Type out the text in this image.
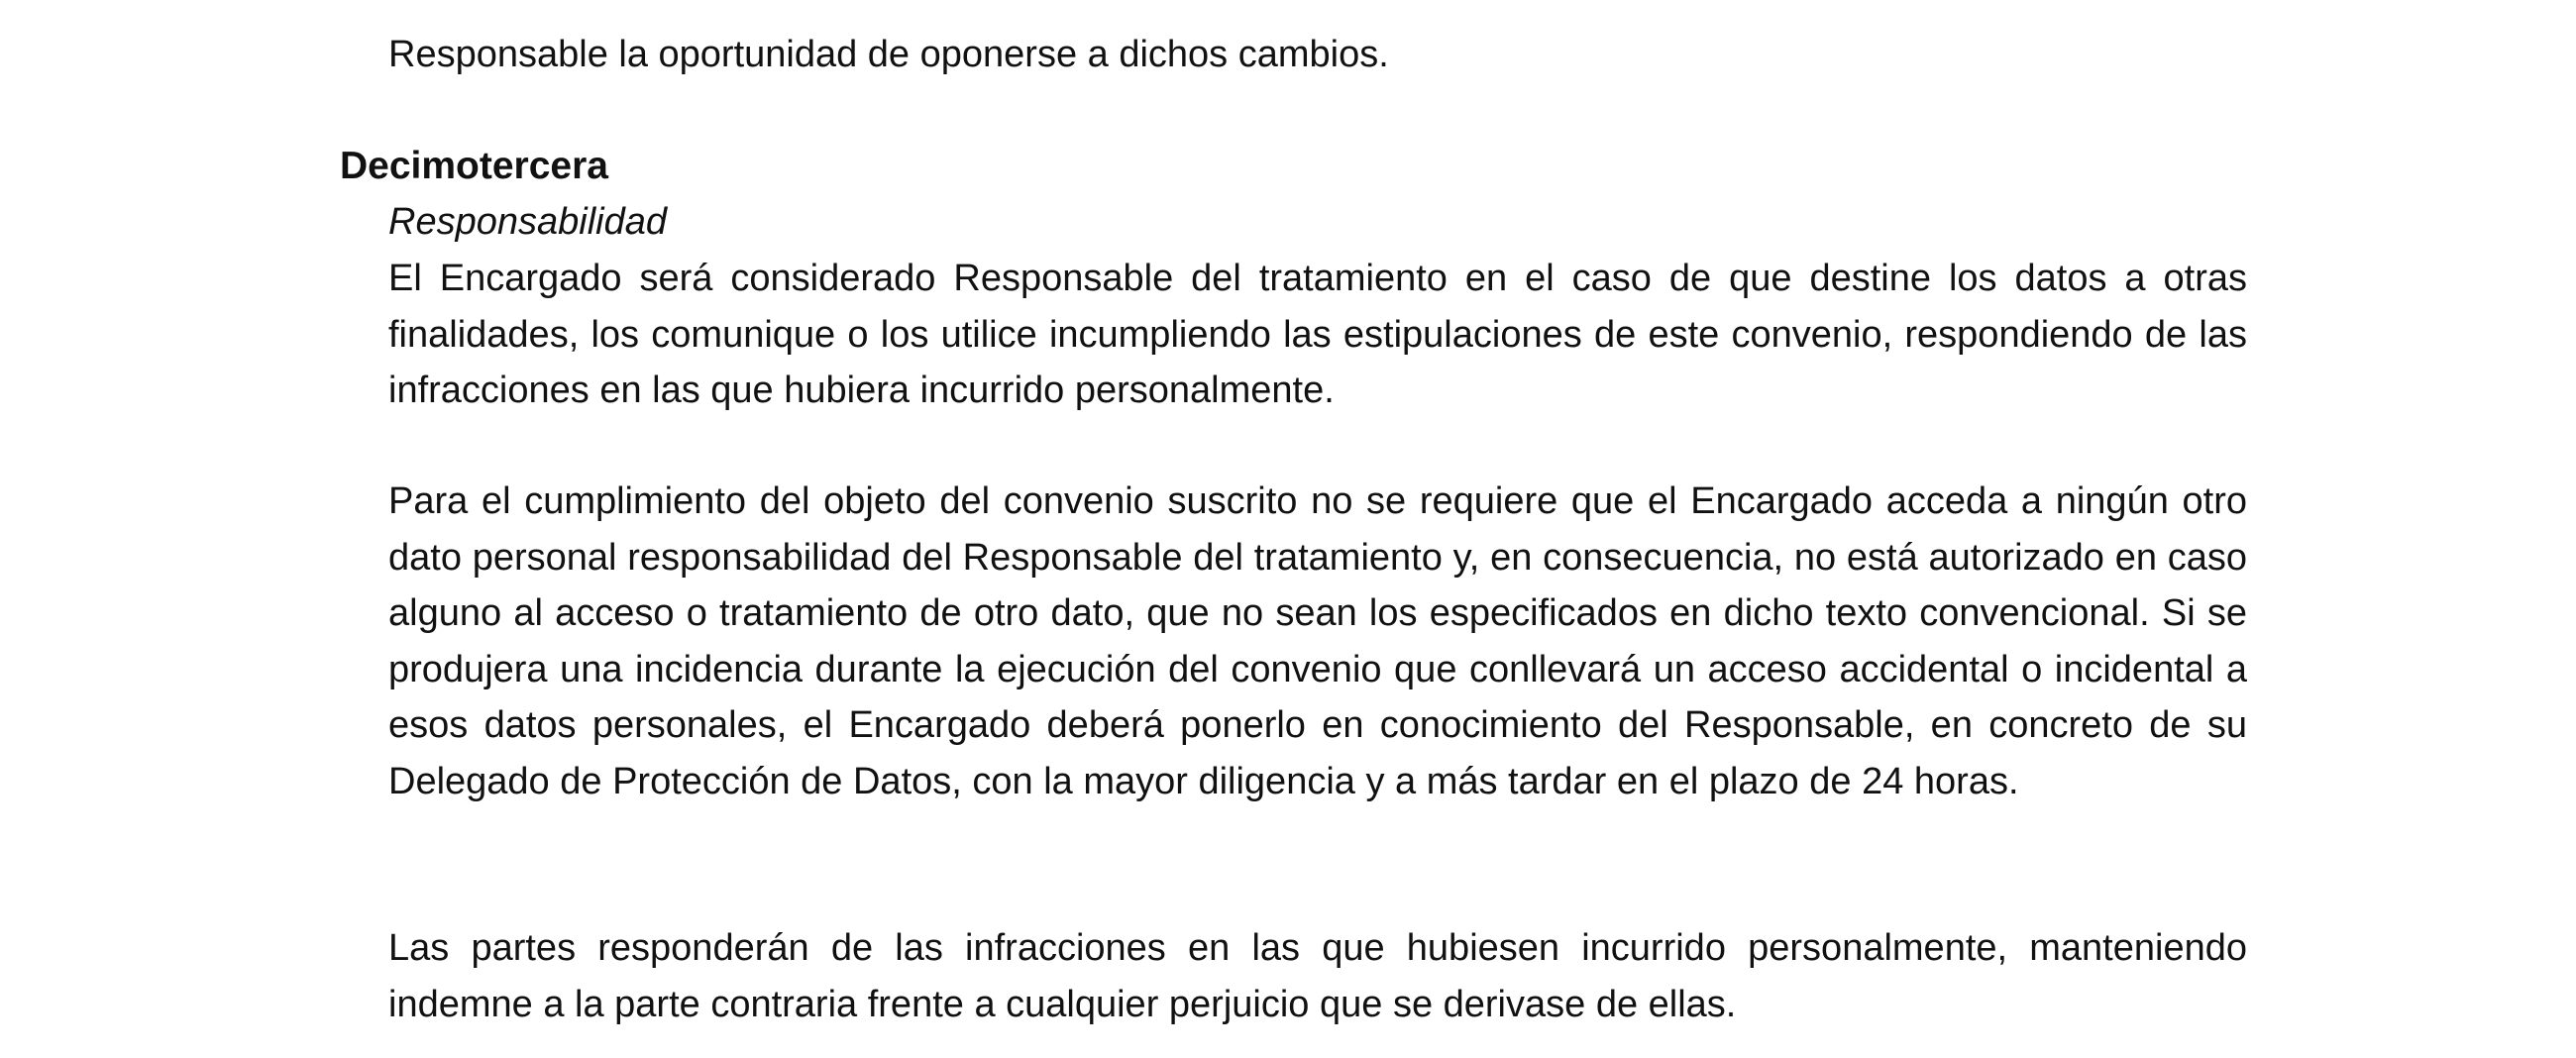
Responsable la oportunidad de oponerse a dichos cambios.

Decimotercera
Responsabilidad

El Encargado será considerado Responsable del tratamiento en el caso de que destine los datos a otras finalidades, los comunique o los utilice incumpliendo las estipulaciones de este convenio, respondiendo de las infracciones en las que hubiera incurrido personalmente.

Para el cumplimiento del objeto del convenio suscrito no se requiere que el Encargado acceda a ningún otro dato personal responsabilidad del Responsable del tratamiento y, en consecuencia, no está autorizado en caso alguno al acceso o tratamiento de otro dato, que no sean los especificados en dicho texto convencional. Si se produjera una incidencia durante la ejecución del convenio que conllevará un acceso accidental o incidental a esos datos personales, el Encargado deberá ponerlo en conocimiento del Responsable, en concreto de su Delegado de Protección de Datos, con la mayor diligencia y a más tardar en el plazo de 24 horas.

Las partes responderán de las infracciones en las que hubiesen incurrido personalmente, manteniendo indemne a la parte contraria frente a cualquier perjuicio que se derivase de ellas.
